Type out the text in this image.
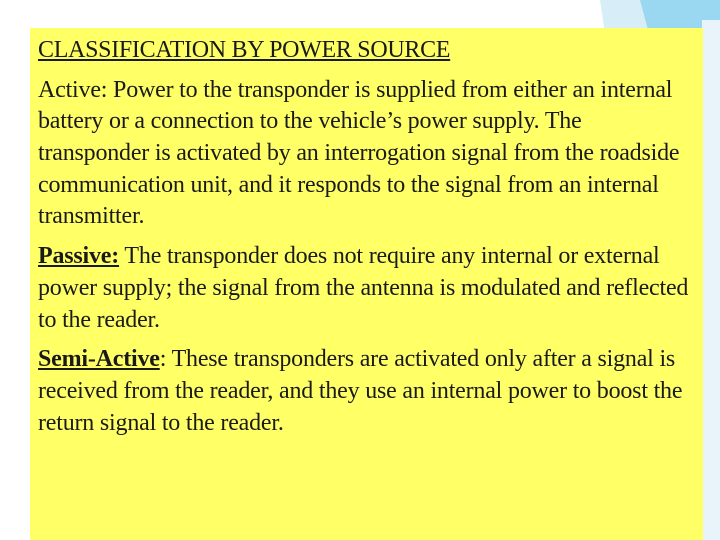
CLASSIFICATION BY POWER SOURCE

Active: Power to the transponder is supplied from either an internal battery or a connection to the vehicle’s power supply. The transponder is activated by an interrogation signal from the roadside communication unit, and it responds to the signal from an internal transmitter.

Passive: The transponder does not require any internal or external power supply; the signal from the antenna is modulated and reflected to the reader.

Semi-Active: These transponders are activated only after a signal is received from the reader, and they use an internal power to boost the return signal to the reader.
